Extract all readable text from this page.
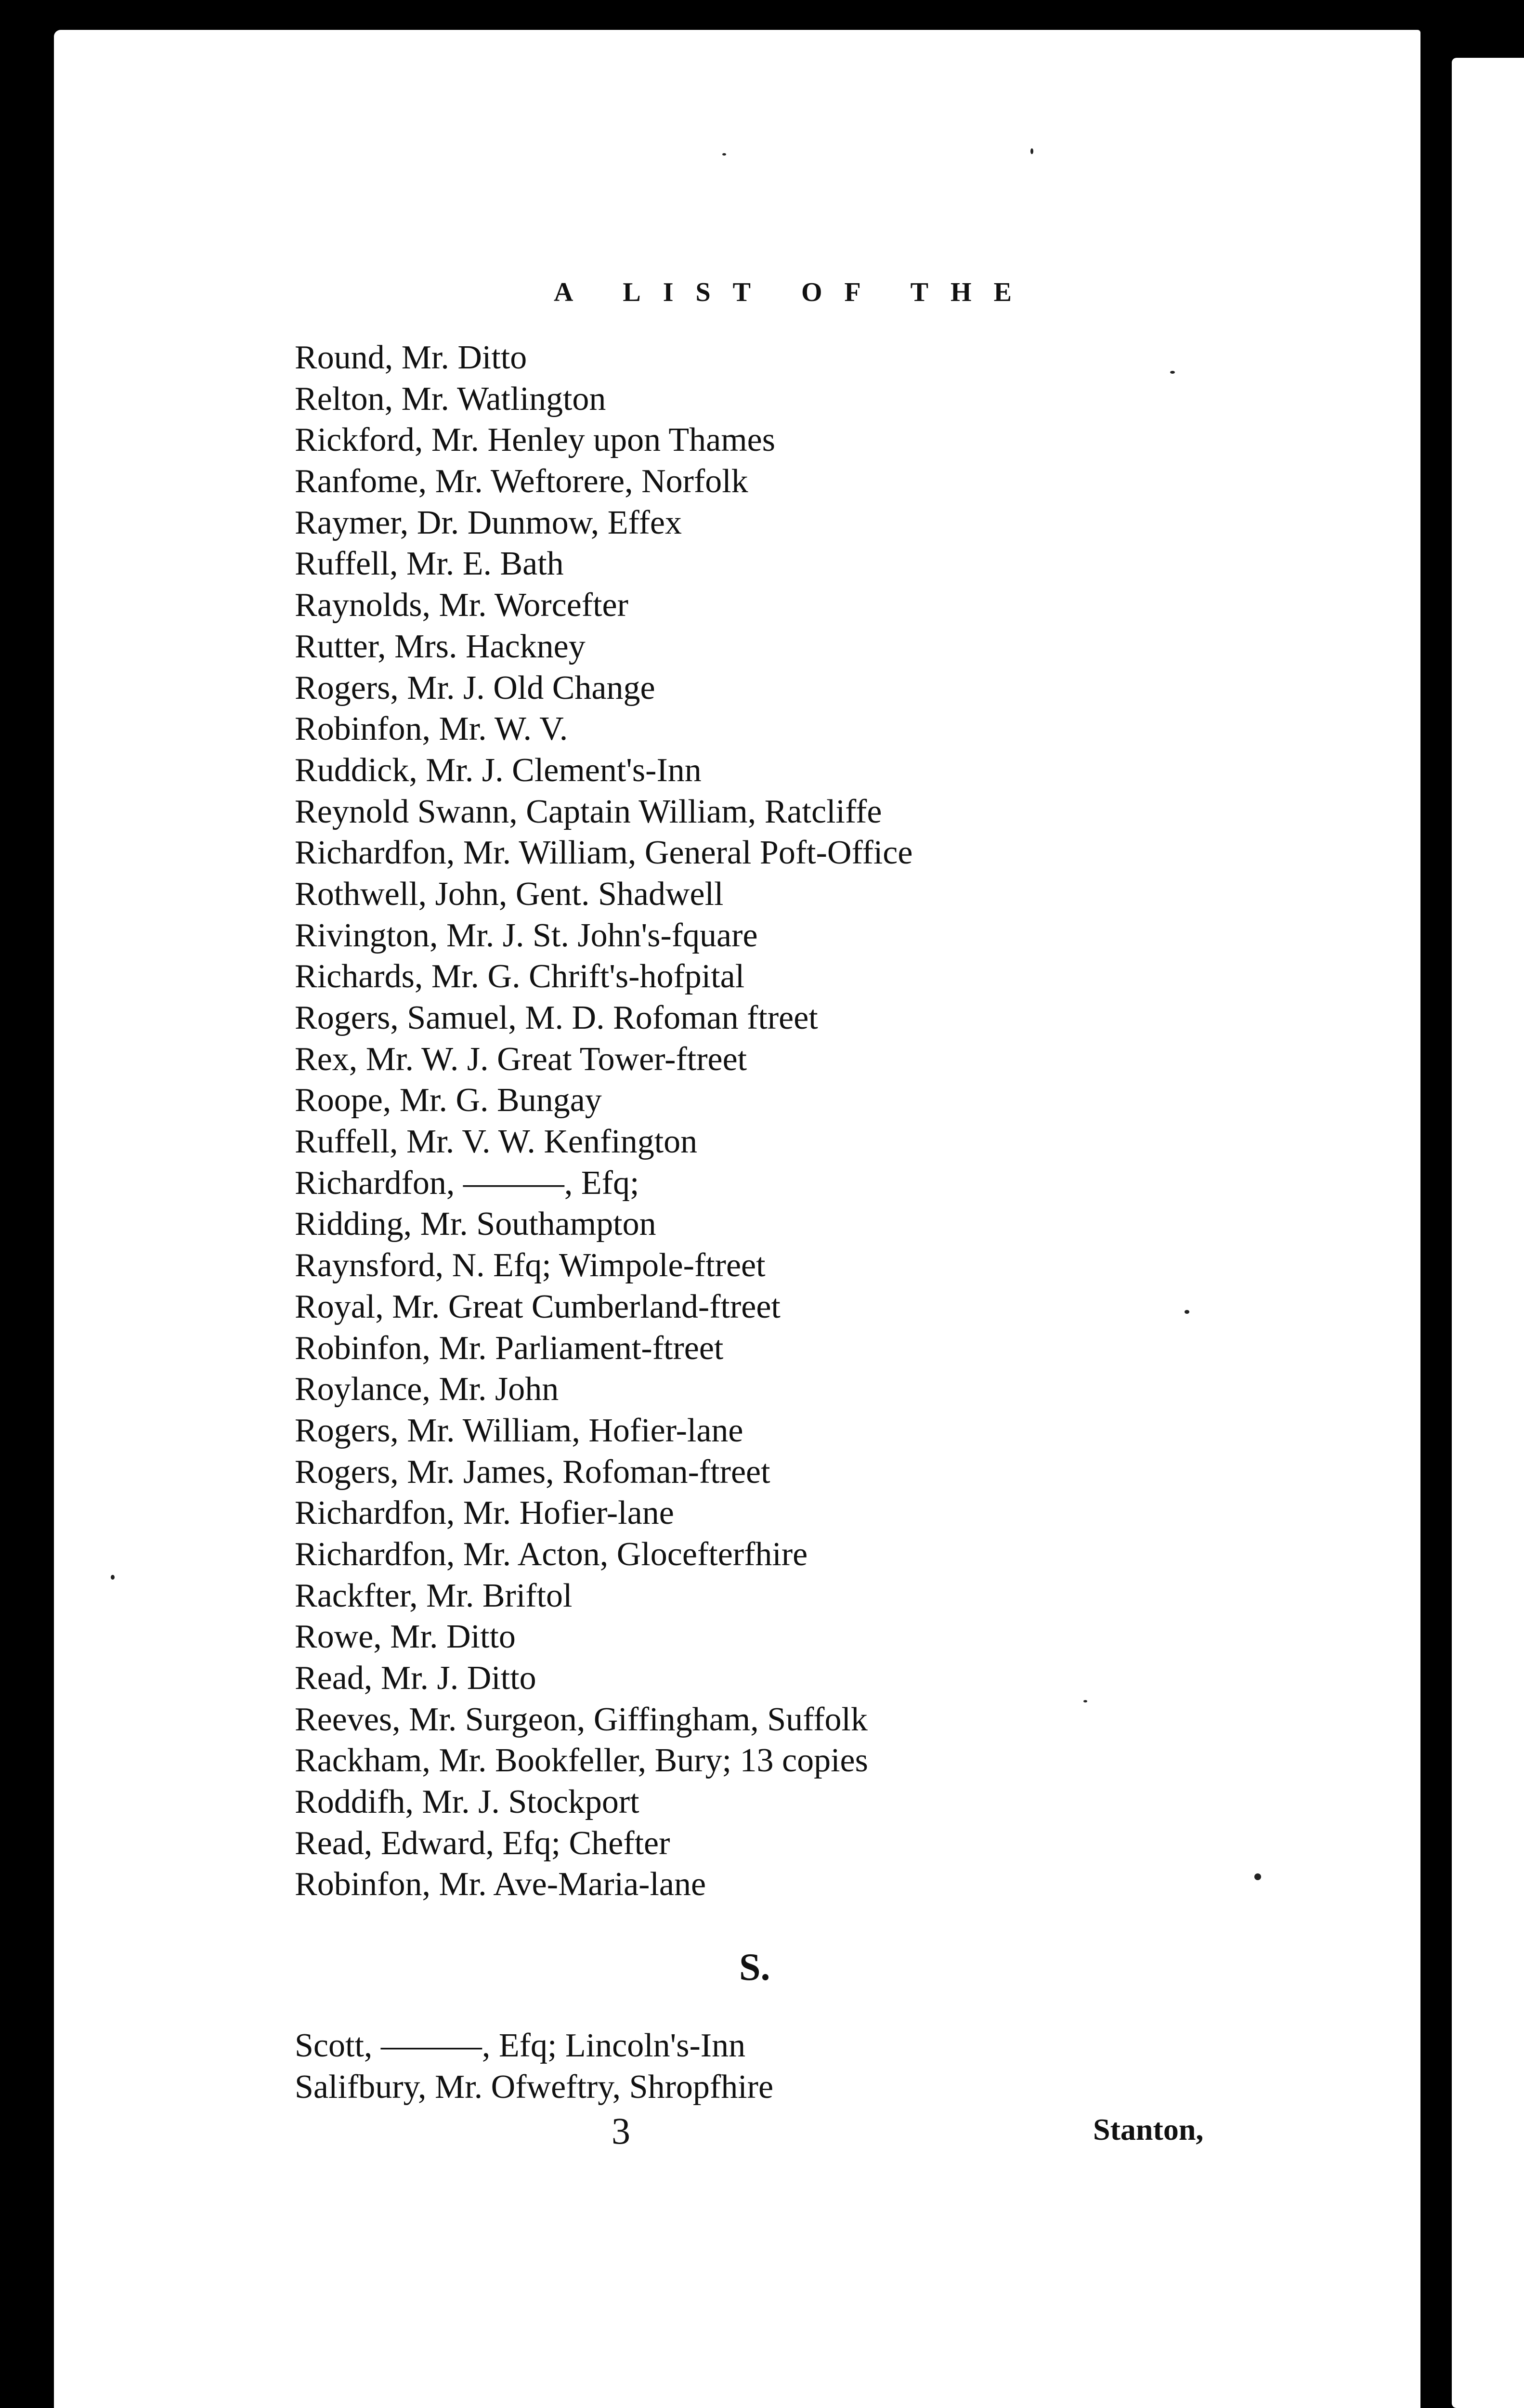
A LIST OF THE
Round, Mr. Ditto
Relton, Mr. Watlington
Rickford, Mr. Henley upon Thames
Ranfome, Mr. Weftorere, Norfolk
Raymer, Dr. Dunmow, Effex
Ruffell, Mr. E. Bath
Raynolds, Mr. Worcefter
Rutter, Mrs. Hackney
Rogers, Mr. J. Old Change
Robinfon, Mr. W. V.
Ruddick, Mr. J. Clement's-Inn
Reynold Swann, Captain William, Ratcliffe
Richardfon, Mr. William, General Poft-Office
Rothwell, John, Gent. Shadwell
Rivington, Mr. J. St. John's-fquare
Richards, Mr. G. Chrift's-hofpital
Rogers, Samuel, M. D. Rofoman ftreet
Rex, Mr. W. J. Great Tower-ftreet
Roope, Mr. G. Bungay
Ruffell, Mr. V. W. Kenfington
Richardfon, ———, Efq;
Ridding, Mr. Southampton
Raynsford, N. Efq; Wimpole-ftreet
Royal, Mr. Great Cumberland-ftreet
Robinfon, Mr. Parliament-ftreet
Roylance, Mr. John
Rogers, Mr. William, Hofier-lane
Rogers, Mr. James, Rofoman-ftreet
Richardfon, Mr. Hofier-lane
Richardfon, Mr. Acton, Glocefterfhire
Rackfter, Mr. Briftol
Rowe, Mr. Ditto
Read, Mr. J. Ditto
Reeves, Mr. Surgeon, Giffingham, Suffolk
Rackham, Mr. Bookfeller, Bury; 13 copies
Roddifh, Mr. J. Stockport
Read, Edward, Efq; Chefter
Robinfon, Mr. Ave-Maria-lane
S.
Scott, ———, Efq; Lincoln's-Inn
Salifbury, Mr. Ofweftry, Shropfhire
3	Stanton,
